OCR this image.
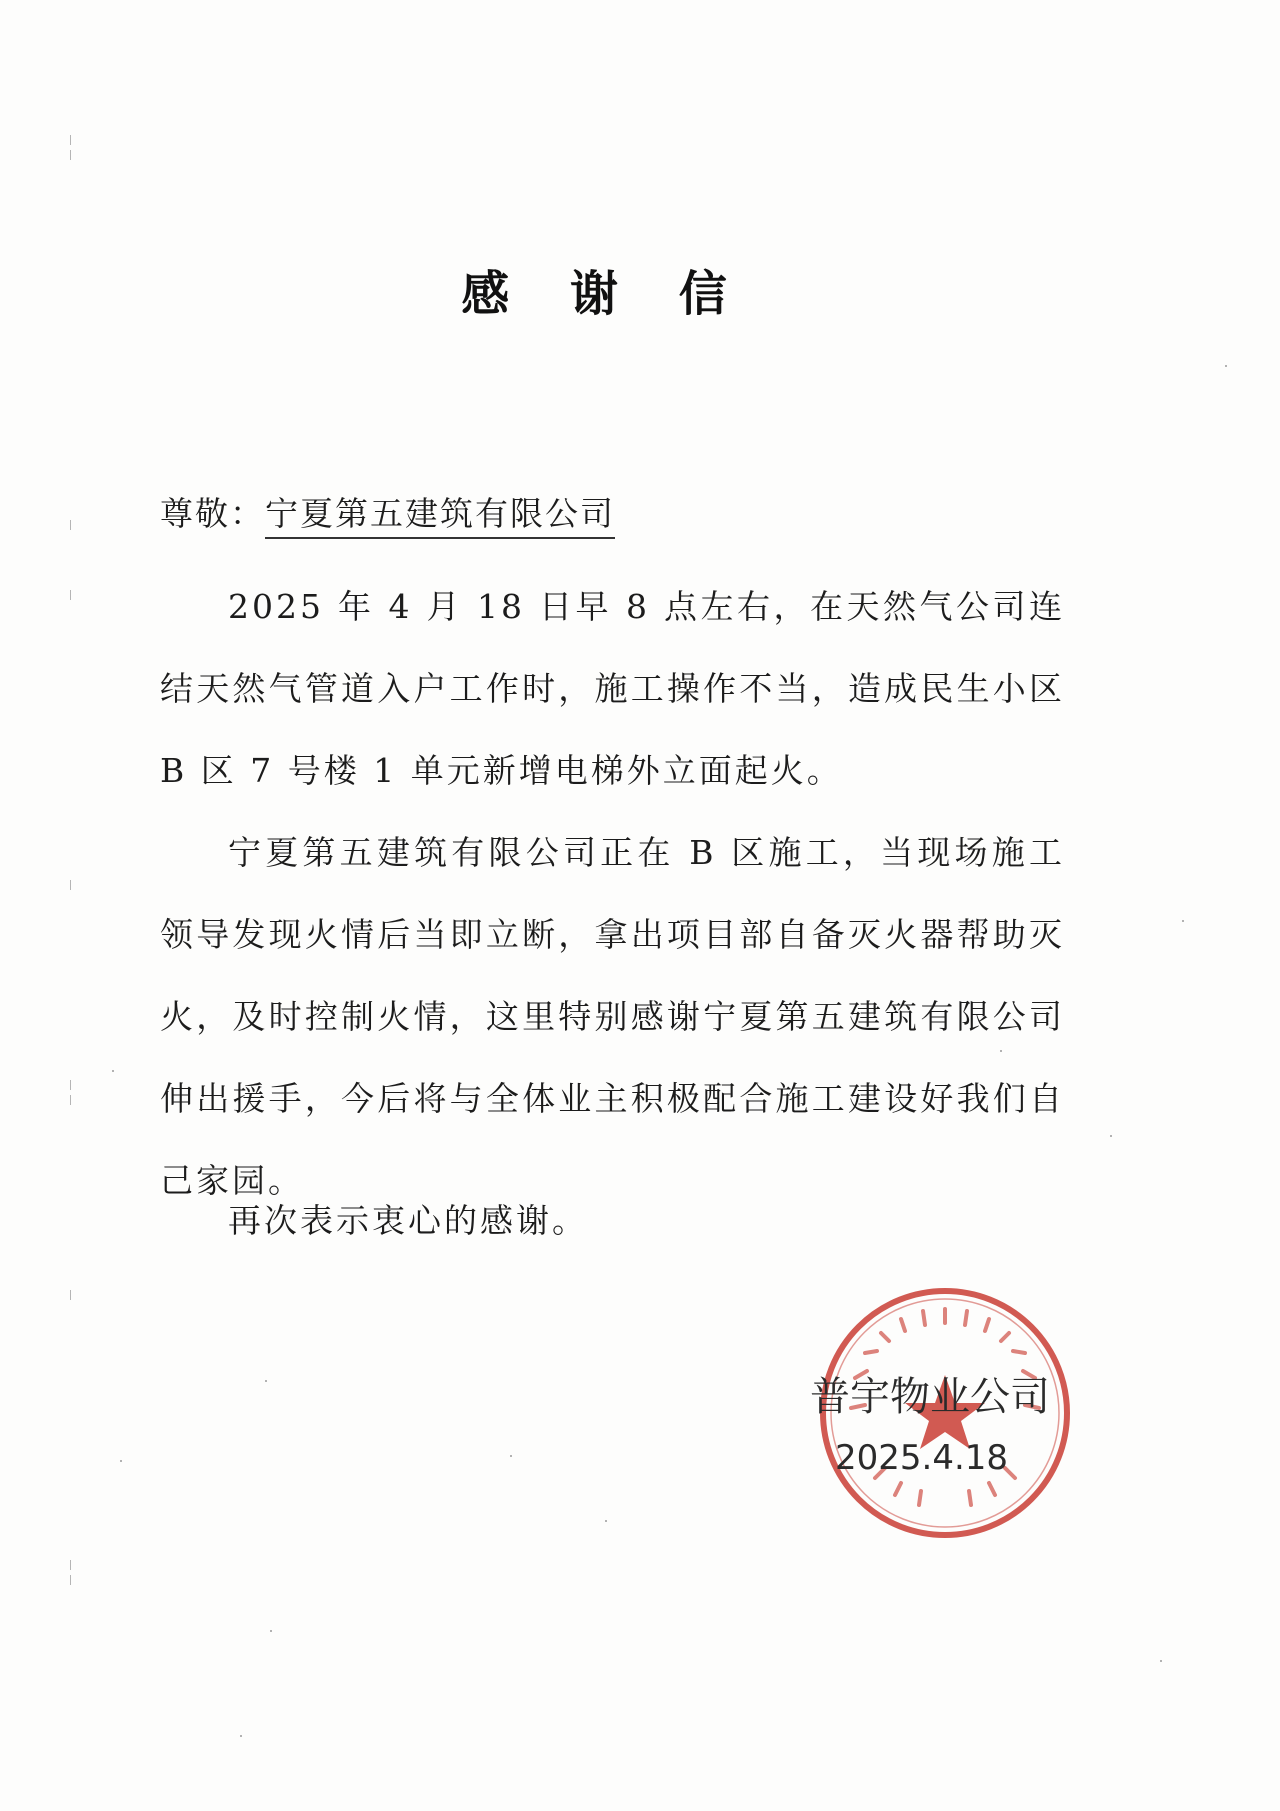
感 谢 信
尊敬：宁夏第五建筑有限公司
2025 年 4 月 18 日早 8 点左右，在天然气公司连结天然气管道入户工作时，施工操作不当，造成民生小区 B 区 7 号楼 1 单元新增电梯外立面起火。
宁夏第五建筑有限公司正在 B 区施工，当现场施工领导发现火情后当即立断，拿出项目部自备灭火器帮助灭火，及时控制火情，这里特别感谢宁夏第五建筑有限公司伸出援手，今后将与全体业主积极配合施工建设好我们自己家园。
再次表示衷心的感谢。
普宇物业公司
2025.4.18
